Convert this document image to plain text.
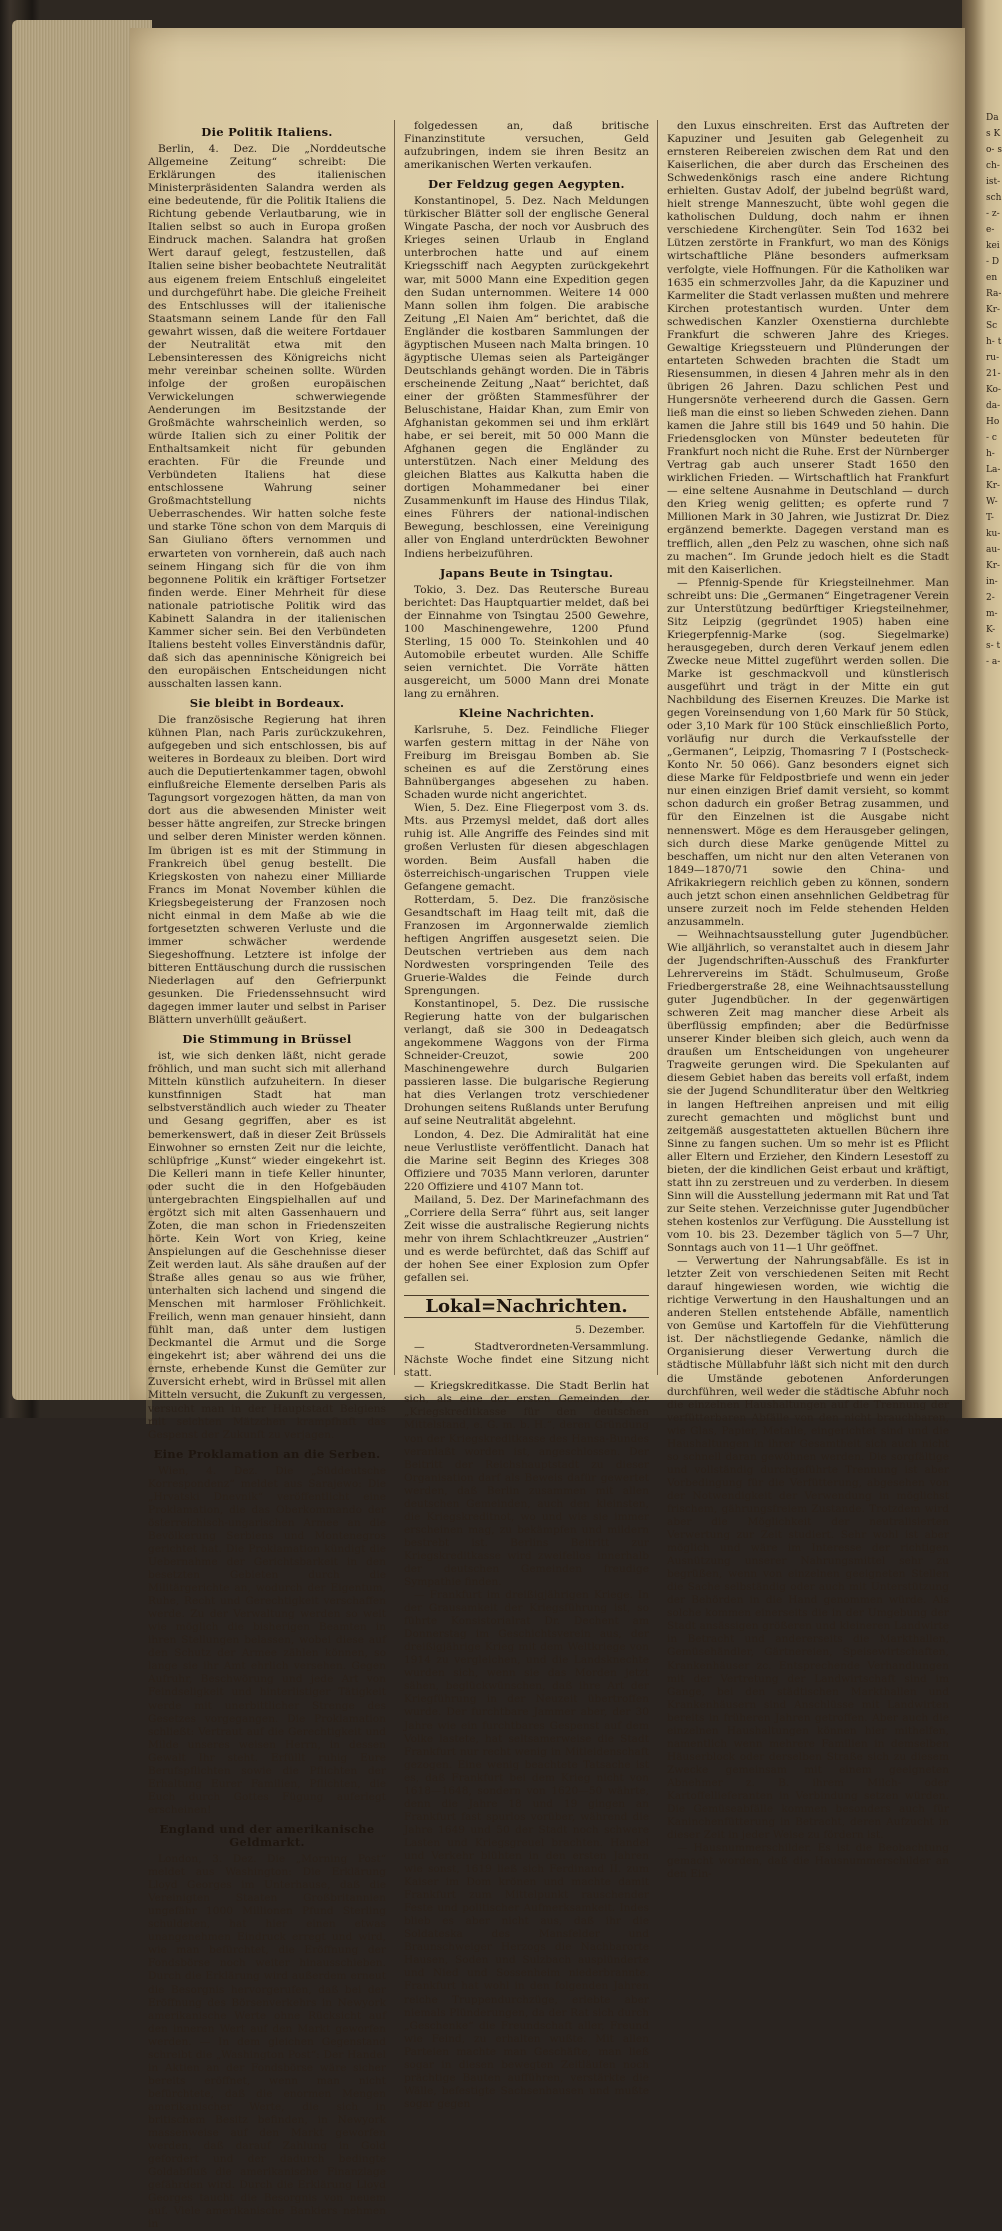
Das Ko- sch- ist- sch- z- e- kei- Den Ra- Kr- Sch- tru- 21- Ko- da- Ho- ch- La- Kr- W- T- ku- au- Kr- in- 2- m- K- s- t- a-
Die Politik Italiens.

Berlin, 4. Dez. Die „Norddeutsche Allgemeine Zeitung“ schreibt: Die Erklärungen des italienischen Ministerpräsidenten Salandra werden als eine bedeutende, für die Politik Italiens die Richtung gebende Verlautbarung, wie in Italien selbst so auch in Europa großen Eindruck machen. Salandra hat großen Wert darauf gelegt, festzustellen, daß Italien seine bisher beobachtete Neutralität aus eigenem freiem Entschluß eingeleitet und durchgeführt habe. Die gleiche Freiheit des Entschlusses will der italienische Staatsmann seinem Lande für den Fall gewahrt wissen, daß die weitere Fortdauer der Neutralität etwa mit den Lebensinteressen des Königreichs nicht mehr vereinbar scheinen sollte. Würden infolge der großen europäischen Verwickelungen schwerwiegende Aenderungen im Besitzstande der Großmächte wahrscheinlich werden, so würde Italien sich zu einer Politik der Enthaltsamkeit nicht für gebunden erachten. Für die Freunde und Verbündeten Italiens hat diese entschlossene Wahrung seiner Großmachtstellung nichts Ueberraschendes. Wir hatten solche feste und starke Töne schon von dem Marquis di San Giuliano öfters vernommen und erwarteten von vornherein, daß auch nach seinem Hingang sich für die von ihm begonnene Politik ein kräftiger Fortsetzer finden werde. Einer Mehrheit für diese nationale patriotische Politik wird das Kabinett Salandra in der italienischen Kammer sicher sein. Bei den Verbündeten Italiens besteht volles Einverständnis dafür, daß sich das apenninische Königreich bei den europäischen Entscheidungen nicht ausschalten lassen kann.

Sie bleibt in Bordeaux.

Die französische Regierung hat ihren kühnen Plan, nach Paris zurückzukehren, aufgegeben und sich entschlossen, bis auf weiteres in Bordeaux zu bleiben. Dort wird auch die Deputiertenkammer tagen, obwohl einflußreiche Elemente derselben Paris als Tagungsort vorgezogen hätten, da man von dort aus die abwesenden Minister weit besser hätte angreifen, zur Strecke bringen und selber deren Minister werden können. Im übrigen ist es mit der Stimmung in Frankreich übel genug bestellt. Die Kriegskosten von nahezu einer Milliarde Francs im Monat November kühlen die Kriegsbegeisterung der Franzosen noch nicht einmal in dem Maße ab wie die fortgesetzten schweren Verluste und die immer schwächer werdende Siegeshoffnung. Letztere ist infolge der bitteren Enttäuschung durch die russischen Niederlagen auf den Gefrierpunkt gesunken. Die Friedenssehnsucht wird dagegen immer lauter und selbst in Pariser Blättern unverhüllt geäußert.

Die Stimmung in Brüssel

ist, wie sich denken läßt, nicht gerade fröhlich, und man sucht sich mit allerhand Mitteln künstlich aufzuheitern. In dieser kunstfinnigen Stadt hat man selbstverständlich auch wieder zu Theater und Gesang gegriffen, aber es ist bemerkenswert, daß in dieser Zeit Brüssels Einwohner so ernsten Zeit nur die leichte, schlüpfrige „Kunst“ wieder eingekehrt ist. Die Kelleri mann in tiefe Keller hinunter, oder sucht die in den Hofgebäuden untergebrachten Eingspielhallen auf und ergötzt sich mit alten Gassenhauern und Zoten, die man schon in Friedenszeiten hörte. Kein Wort von Krieg, keine Anspielungen auf die Geschehnisse dieser Zeit werden laut. Als sähe draußen auf der Straße alles genau so aus wie früher, unterhalten sich lachend und singend die Menschen mit harmloser Fröhlichkeit. Freilich, wenn man genauer hinsieht, dann fühlt man, daß unter dem lustigen Deckmantel die Armut und die Sorge eingekehrt ist; aber während dei uns die ernste, erhebende Kunst die Gemüter zur Zuversicht erhebt, wird in Brüssel mit allen Mitteln versucht, die Zukunft zu vergessen, versucht man in der Hauptstadt Belgiens mit seichten Mätzchen krampfhaft das Gespenst der Zukunft zu verjagen.

Eine Proklamation an die Serben.

Wien, 4. Dez. Die „Süddeutsche Korrespondenz“ meldet aus Sarajewo: Die „Hrvatski Dnevnik“ veröffentlicht eine Proklamation, die das Oberkommando der österreichisch-ungarischen Armee an die Bevölkerung Serbiens und Montenegros gerichtet hat. Die Proklamation kündigt die Uebernahme der Gerichtsbarkeit in den besetzten Gebieten durch die Militärgerichte an, wodurch der Eigentum, Ruhe, Recht und Gerechtigkeit verschaffen werde. Zu der Verwaltung werden so weit wie möglich die bisherigen Beamten in ihren Stellungen belassen, wobei diese auf den Schutz der Armee zählen können, so lange sie ihr Amt ehrlich versehen. Gegen Aufruhr, Beschwörung und jede Art von Feindseligkeit und hinterlistiger Tätigkeit werde mit unerbittlicher Strenge des Gesetzes vorgegangen. Die Proklamation schließt: Vertraut auf die Gerechtigkeit und Milde unseres weisen Herrn, in dessen Gewalt Ihr steht. Erfüllt ruhig Eure Berufspflichten sowie die Pflichten der Erhaltung Eurer Familien, Pflichten, die Euch durch Gottes Fügung auferlegt erscheinen!

England und der amerikanische Geldmarkt.

London, 3. Dez. Die „Morning Post“ meldet aus Washington: Die Erklärung Lloyd Georges im Unterhause, daß die Vereinigten Staaten Großbritannien ungefähr 1000 Millionen Pfund Sterling schuldeten, hat hier einen etwas unangenehmen Eindruck erregt und wird, wie man befürchtet, die Eröffnung der Fondsbörse noch weiter hinausschieben. Durch die Erklärung wird außerdem erneut die Besorgnis hervorgerufen, daß bei der Eröffnung des Börsenverkehrs in Newyork amerikanische Werte ohne Rücksicht auf den inneren Wert auf den Markt geworfen werden. — In dem gleichen Gegenstand schreibt die „Washington Post“: Der Handel in Aktien an der Fondsbörse wäre sicher bereits eröffnet, wenn man nicht befürchtete, daß die enormen Mengen amerikanischer Werte, die sich in britischem Besitz befinden, in Newyork massenweise auf den Markt geworfen werden, daß darauf Zahlung in Gold gefordert und der dadurch bedingte Goldabfluß die amerikanische Finanzlage gefährden wird. Durch die Erklärung Lloyd Georges taucht die Besorgnis von neuem auf. Viele amerikanische Bankiers nehmen in

folgedessen an, daß britische Finanzinstitute versuchen, Geld aufzubringen, indem sie ihren Besitz an amerikanischen Werten verkaufen.

Der Feldzug gegen Aegypten.

Konstantinopel, 5. Dez. Nach Meldungen türkischer Blätter soll der englische General Wingate Pascha, der noch vor Ausbruch des Krieges seinen Urlaub in England unterbrochen hatte und auf einem Kriegsschiff nach Aegypten zurückgekehrt war, mit 5000 Mann eine Expedition gegen den Sudan unternommen. Weitere 14 000 Mann sollen ihm folgen. Die arabische Zeitung „El Naien Am“ berichtet, daß die Engländer die kostbaren Sammlungen der ägyptischen Museen nach Malta bringen. 10 ägyptische Ulemas seien als Parteigänger Deutschlands gehängt worden. Die in Täbris erscheinende Zeitung „Naat“ berichtet, daß einer der größten Stammesführer der Beluschistane, Haidar Khan, zum Emir von Afghanistan gekommen sei und ihm erklärt habe, er sei bereit, mit 50 000 Mann die Afghanen gegen die Engländer zu unterstützen. Nach einer Meldung des gleichen Blattes aus Kalkutta haben die dortigen Mohammedaner bei einer Zusammenkunft im Hause des Hindus Tilak, eines Führers der national-indischen Bewegung, beschlossen, eine Vereinigung aller von England unterdrückten Bewohner Indiens herbeizuführen.

Japans Beute in Tsingtau.

Tokio, 3. Dez. Das Reutersche Bureau berichtet: Das Hauptquartier meldet, daß bei der Einnahme von Tsingtau 2500 Gewehre, 100 Maschinengewehre, 1200 Pfund Sterling, 15 000 To. Steinkohlen und 40 Automobile erbeutet wurden. Alle Schiffe seien vernichtet. Die Vorräte hätten ausgereicht, um 5000 Mann drei Monate lang zu ernähren.

Kleine Nachrichten.

Karlsruhe, 5. Dez. Feindliche Flieger warfen gestern mittag in der Nähe von Freiburg im Breisgau Bomben ab. Sie scheinen es auf die Zerstörung eines Bahnüberganges abgesehen zu haben. Schaden wurde nicht angerichtet.

Wien, 5. Dez. Eine Fliegerpost vom 3. ds. Mts. aus Przemysl meldet, daß dort alles ruhig ist. Alle Angriffe des Feindes sind mit großen Verlusten für diesen abgeschlagen worden. Beim Ausfall haben die österreichisch-ungarischen Truppen viele Gefangene gemacht.

Rotterdam, 5. Dez. Die französische Gesandtschaft im Haag teilt mit, daß die Franzosen im Argonnerwalde ziemlich heftigen Angriffen ausgesetzt seien. Die Deutschen vertrieben aus dem nach Nordwesten vorspringenden Teile des Gruerie-Waldes die Feinde durch Sprengungen.

Konstantinopel, 5. Dez. Die russische Regierung hatte von der bulgarischen verlangt, daß sie 300 in Dedeagatsch angekommene Waggons von der Firma Schneider-Creuzot, sowie 200 Maschinengewehre durch Bulgarien passieren lasse. Die bulgarische Regierung hat dies Verlangen trotz verschiedener Drohungen seitens Rußlands unter Berufung auf seine Neutralität abgelehnt.

London, 4. Dez. Die Admiralität hat eine neue Verlustliste veröffentlicht. Danach hat die Marine seit Beginn des Krieges 308 Offiziere und 7035 Mann verloren, darunter 220 Offiziere und 4107 Mann tot.

Mailand, 5. Dez. Der Marinefachmann des „Corriere della Serra“ führt aus, seit langer Zeit wisse die australische Regierung nichts mehr von ihrem Schlachtkreuzer „Austrien“ und es werde befürchtet, daß das Schiff auf der hohen See einer Explosion zum Opfer gefallen sei.

Lokal=Nachrichten.
5. Dezember.

— Stadtverordneten-Versammlung. Nächste Woche findet eine Sitzung nicht statt.

— Kriegskreditkasse. Die Stadt Berlin hat sich, als eine der ersten Gemeinden, der „Kriegskreditkasse für den deutschen Mittelstand, e. G. m. b. H.“, deren Gründung von der Kriegskreditkasse des Hansa-Bundes veranlaßt worden ist, angeschlossen. Der Beitritt der Reichshauptstadt zu dieser Organisation darf als Beweis dafür gewertet werden, daß Berlin zusammen mit allen deutschen Gemeinden, auch den kleinsten, die Kriegskreditnot, wo und wie sie immer erscheinen mag, zu bekämpfen und mildern bestrebt ist. Berlins Beitritt zur Kriegskreditkasse wird zweifellos innerhalb der deutschen Gemeinden freudige Sympathie finden.

— Frankfurt im dreißigjährigen Kriege. In der Grausamkeit der Kriegsführung ist, so führte Konsistorialrat Dr. Dechent am Donnerstag im Geschichtsverein aus, der dreißigjährige Krieg mit dem Weltkriege von 1914 zu vergleichen, und die Landsknechte wurden sich, wenn sie das Morden jetzt sähen, beglückwünschen, daß ihre Art der Kriegführung in der Neuzeit übertroffen wurde. Der furchtbare Jammer aber, der 30 Jahre wie ein furchtbares Gespenst auf dem Volke lastete, hat seltsamerweise die Stadt Frankfurt nur recht wenig in Mitleidenschaft gezogen. Eine wenig beachtete Tatsache ist es, daß Frankfurt bei dem Krieg nicht von 1618—1648, sondern von 1620—50 währte, denn die Jahre 18 und 19 gingen an Frankfurt fast spurlos vorüber, während die Jahre 1649 und 50 der Stadt noch schwere Lasten und Kriegsgreuel brachten. Handel und Verkehr blühten in den ersten Jahren wie sonst, 1619 ließ sich Ferdinand II. zum Kaiser im Dom krönen und machte damit Frankfurt zum Mittelpunkt rauschender Feste und politischer Aufmerksamkeit. Indes blieb es aber nicht aus, daß ihr die Soldateska des Mansfelder und Braunschweiger Herzogs die Nachbarorte Hausen, Soden und Sulzbach ausplünderte und Nied und Sossenheim niederbrannte. Frankfurt hat wohl in den folgenden Jahren reiche Truppendurchzüge, erlebte aber niemals Plünderungen, da der Rat sich durch „Geschenke“ die Freundschaft aller, Freund wie Feind, zu erhalten wußte. Mit allen Parteien machte man Geschäfte, man ließ sogar in diesen bewegten Zeitläufen noch prächtige Bauten aufführen, verstärkte die Wälle, befestigte Sachsenhausen und mußte sogar gegen

den Luxus einschreiten. Erst das Auftreten der Kapuziner und Jesuiten gab Gelegenheit zu ernsteren Reibereien zwischen dem Rat und den Kaiserlichen, die aber durch das Erscheinen des Schwedenkönigs rasch eine andere Richtung erhielten. Gustav Adolf, der jubelnd begrüßt ward, hielt strenge Manneszucht, übte wohl gegen die katholischen Duldung, doch nahm er ihnen verschiedene Kirchengüter. Sein Tod 1632 bei Lützen zerstörte in Frankfurt, wo man des Königs wirtschaftliche Pläne besonders aufmerksam verfolgte, viele Hoffnungen. Für die Katholiken war 1635 ein schmerzvolles Jahr, da die Kapuziner und Karmeliter die Stadt verlassen mußten und mehrere Kirchen protestantisch wurden. Unter dem schwedischen Kanzler Oxenstierna durchlebte Frankfurt die schweren Jahre des Krieges. Gewaltige Kriegssteuern und Plünderungen der entarteten Schweden brachten die Stadt um Riesensummen, in diesen 4 Jahren mehr als in den übrigen 26 Jahren. Dazu schlichen Pest und Hungersnöte verheerend durch die Gassen. Gern ließ man die einst so lieben Schweden ziehen. Dann kamen die Jahre still bis 1649 und 50 hahin. Die Friedensglocken von Münster bedeuteten für Frankfurt noch nicht die Ruhe. Erst der Nürnberger Vertrag gab auch unserer Stadt 1650 den wirklichen Frieden. — Wirtschaftlich hat Frankfurt — eine seltene Ausnahme in Deutschland — durch den Krieg wenig gelitten; es opferte rund 7 Millionen Mark in 30 Jahren, wie Justizrat Dr. Diez ergänzend bemerkte. Dagegen verstand man es trefflich, allen „den Pelz zu waschen, ohne sich naß zu machen“. Im Grunde jedoch hielt es die Stadt mit den Kaiserlichen.

— Pfennig-Spende für Kriegsteilnehmer. Man schreibt uns: Die „Germanen“ Eingetragener Verein zur Unterstützung bedürftiger Kriegsteilnehmer, Sitz Leipzig (gegründet 1905) haben eine Kriegerpfennig-Marke (sog. Siegelmarke) herausgegeben, durch deren Verkauf jenem edlen Zwecke neue Mittel zugeführt werden sollen. Die Marke ist geschmackvoll und künstlerisch ausgeführt und trägt in der Mitte ein gut Nachbildung des Eisernen Kreuzes. Die Marke ist gegen Voreinsendung von 1,60 Mark für 50 Stück, oder 3,10 Mark für 100 Stück einschließlich Porto, vorläufig nur durch die Verkaufsstelle der „Germanen“, Leipzig, Thomasring 7 I (Postscheck-Konto Nr. 50 066). Ganz besonders eignet sich diese Marke für Feldpostbriefe und wenn ein jeder nur einen einzigen Brief damit versieht, so kommt schon dadurch ein großer Betrag zusammen, und für den Einzelnen ist die Ausgabe nicht nennenswert. Möge es dem Herausgeber gelingen, sich durch diese Marke genügende Mittel zu beschaffen, um nicht nur den alten Veteranen von 1849—1870/71 sowie den China- und Afrikakriegern reichlich geben zu können, sondern auch jetzt schon einen ansehnlichen Geldbetrag für unsere zurzeit noch im Felde stehenden Helden anzusammeln.

— Weihnachtsausstellung guter Jugendbücher. Wie alljährlich, so veranstaltet auch in diesem Jahr der Jugendschriften-Ausschuß des Frankfurter Lehrervereins im Städt. Schulmuseum, Große Friedbergerstraße 28, eine Weihnachtsausstellung guter Jugendbücher. In der gegenwärtigen schweren Zeit mag mancher diese Arbeit als überflüssig empfinden; aber die Bedürfnisse unserer Kinder bleiben sich gleich, auch wenn da draußen um Entscheidungen von ungeheurer Tragweite gerungen wird. Die Spekulanten auf diesem Gebiet haben das bereits voll erfaßt, indem sie der Jugend Schundliteratur über den Weltkrieg in langen Heftreihen anpreisen und mit eilig zurecht gemachten und möglichst bunt und zeitgemäß ausgestatteten aktuellen Büchern ihre Sinne zu fangen suchen. Um so mehr ist es Pflicht aller Eltern und Erzieher, den Kindern Lesestoff zu bieten, der die kindlichen Geist erbaut und kräftigt, statt ihn zu zerstreuen und zu verderben. In diesem Sinn will die Ausstellung jedermann mit Rat und Tat zur Seite stehen. Verzeichnisse guter Jugendbücher stehen kostenlos zur Verfügung. Die Ausstellung ist vom 10. bis 23. Dezember täglich von 5—7 Uhr, Sonntags auch von 11—1 Uhr geöffnet.

— Verwertung der Nahrungsabfälle. Es ist in letzter Zeit von verschiedenen Seiten mit Recht darauf hingewiesen worden, wie wichtig die richtige Verwertung in den Haushaltungen und an anderen Stellen entstehende Abfälle, namentlich von Gemüse und Kartoffeln für die Viehfütterung ist. Der nächstliegende Gedanke, nämlich die Organisierung dieser Verwertung durch die städtische Müllabfuhr läßt sich nicht mit den durch die Umstände gebotenen Anforderungen durchführen, weil weder die städtische Abfuhr noch die einzelnen Haushaltungen auf die Trennung der verfütterbaren Abfälle von den nicht brauchbaren, wie Glas, Papier, Metalle, eingerichtet sind und die Haushaltungen in ihrer Gesamtheit sich auch nicht so schnell daran gewöhnen werden. Die sorgfältige und vollständig durchgeführte Trennung ist aber Vorbedingung für die Verfütterung, abgesehen von der Notwendigkeit der Verwendung in möglichst frischem, gährungsfreiem Zustande. Trotzdem wird aber die Möglichkeit der neutralisierten Verwertung zur Zeit studiert. Sehr wohl ist aber möglich und wäre im Interesse der richtigen Ausnützung unserer Nahrungsmittel sehr zu begrüßen, wenn von einzelnen geeigneten Stellen die Sache selbständig oder auch mit Unterstützung der Behörden in die Hand genommen würde. Als solche kommen einerseits die in der Umgebung der Stadt ansässigen größeren und kleineren Landwirte in Betracht und andererseits die Markthallen, Gemüsehändler, Gärtnereien, Speisewirtschaften, Krankenhäuser zc. Entsprechende Verhandlungen mit der Vertretung der Landwirtschaft sind im Gange, bei den städtischen Markthallen und Krankenhäusern sind Anschlüsse mit Landwirten bereits in früheren Jahren getroffen. Aber auch die einzelnen Haushaltungen können hier mithelfen, namentlich wenn mehrere Familien in demselben Häuserblock oder derselben Straße sich zu diesem Zwecke gemeinsam mit einem geeigneten Abnehmer z. B. ihrem Milch- oder Kartoffellieferanten in Verbindung setzen würden. Die Gemüseabfälle kommen besonders auch für Kaninchenfütterung in Betracht, deren Aufzucht in dieser Zeit in jeder Weise zu fördern ist.

— Hausnummerschilder. Es ist die Beobachtung gemacht worden, daß die Hausnummerschilder an den Ein-
